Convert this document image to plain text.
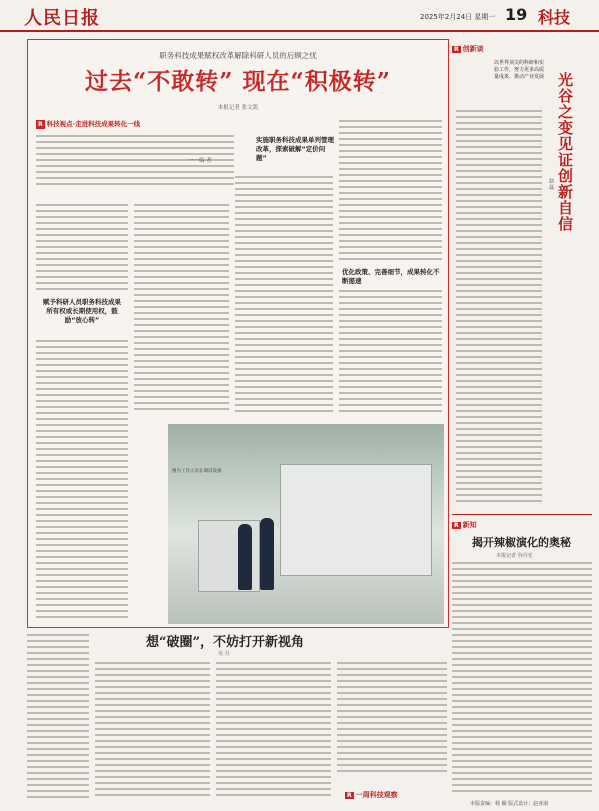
人民日报	2025年2月24日 星期一 19 科技
职务科技成果赋权改革解除科研人员的后顾之忧
过去“不敢转” 现在“积极转”
本报记者 张文凯
R 科技视点·走进科技成果转化一线
赋予科研人员职务科技成果所有权或长期使用权，鼓励“放心转”
实施职务科技成果单列管理改革，探索破解“定价问题”
一一编 者
优化政策、完善细节，成果转化不断提速
图为工作人员在调试设备
R 创新谈
以世界顶尖的科研和实验工作，努力更多高质量成果、推动产业发展 光谷之变见证创新自信
赵 磊
R 新知
揭开辣椒演化的奥秘
本报记者 谷丹光
想“破圈”，不妨打开新视角
吴 月
R 一周科技观察
本版责编：杨 颖 版式设计：赵亚南
